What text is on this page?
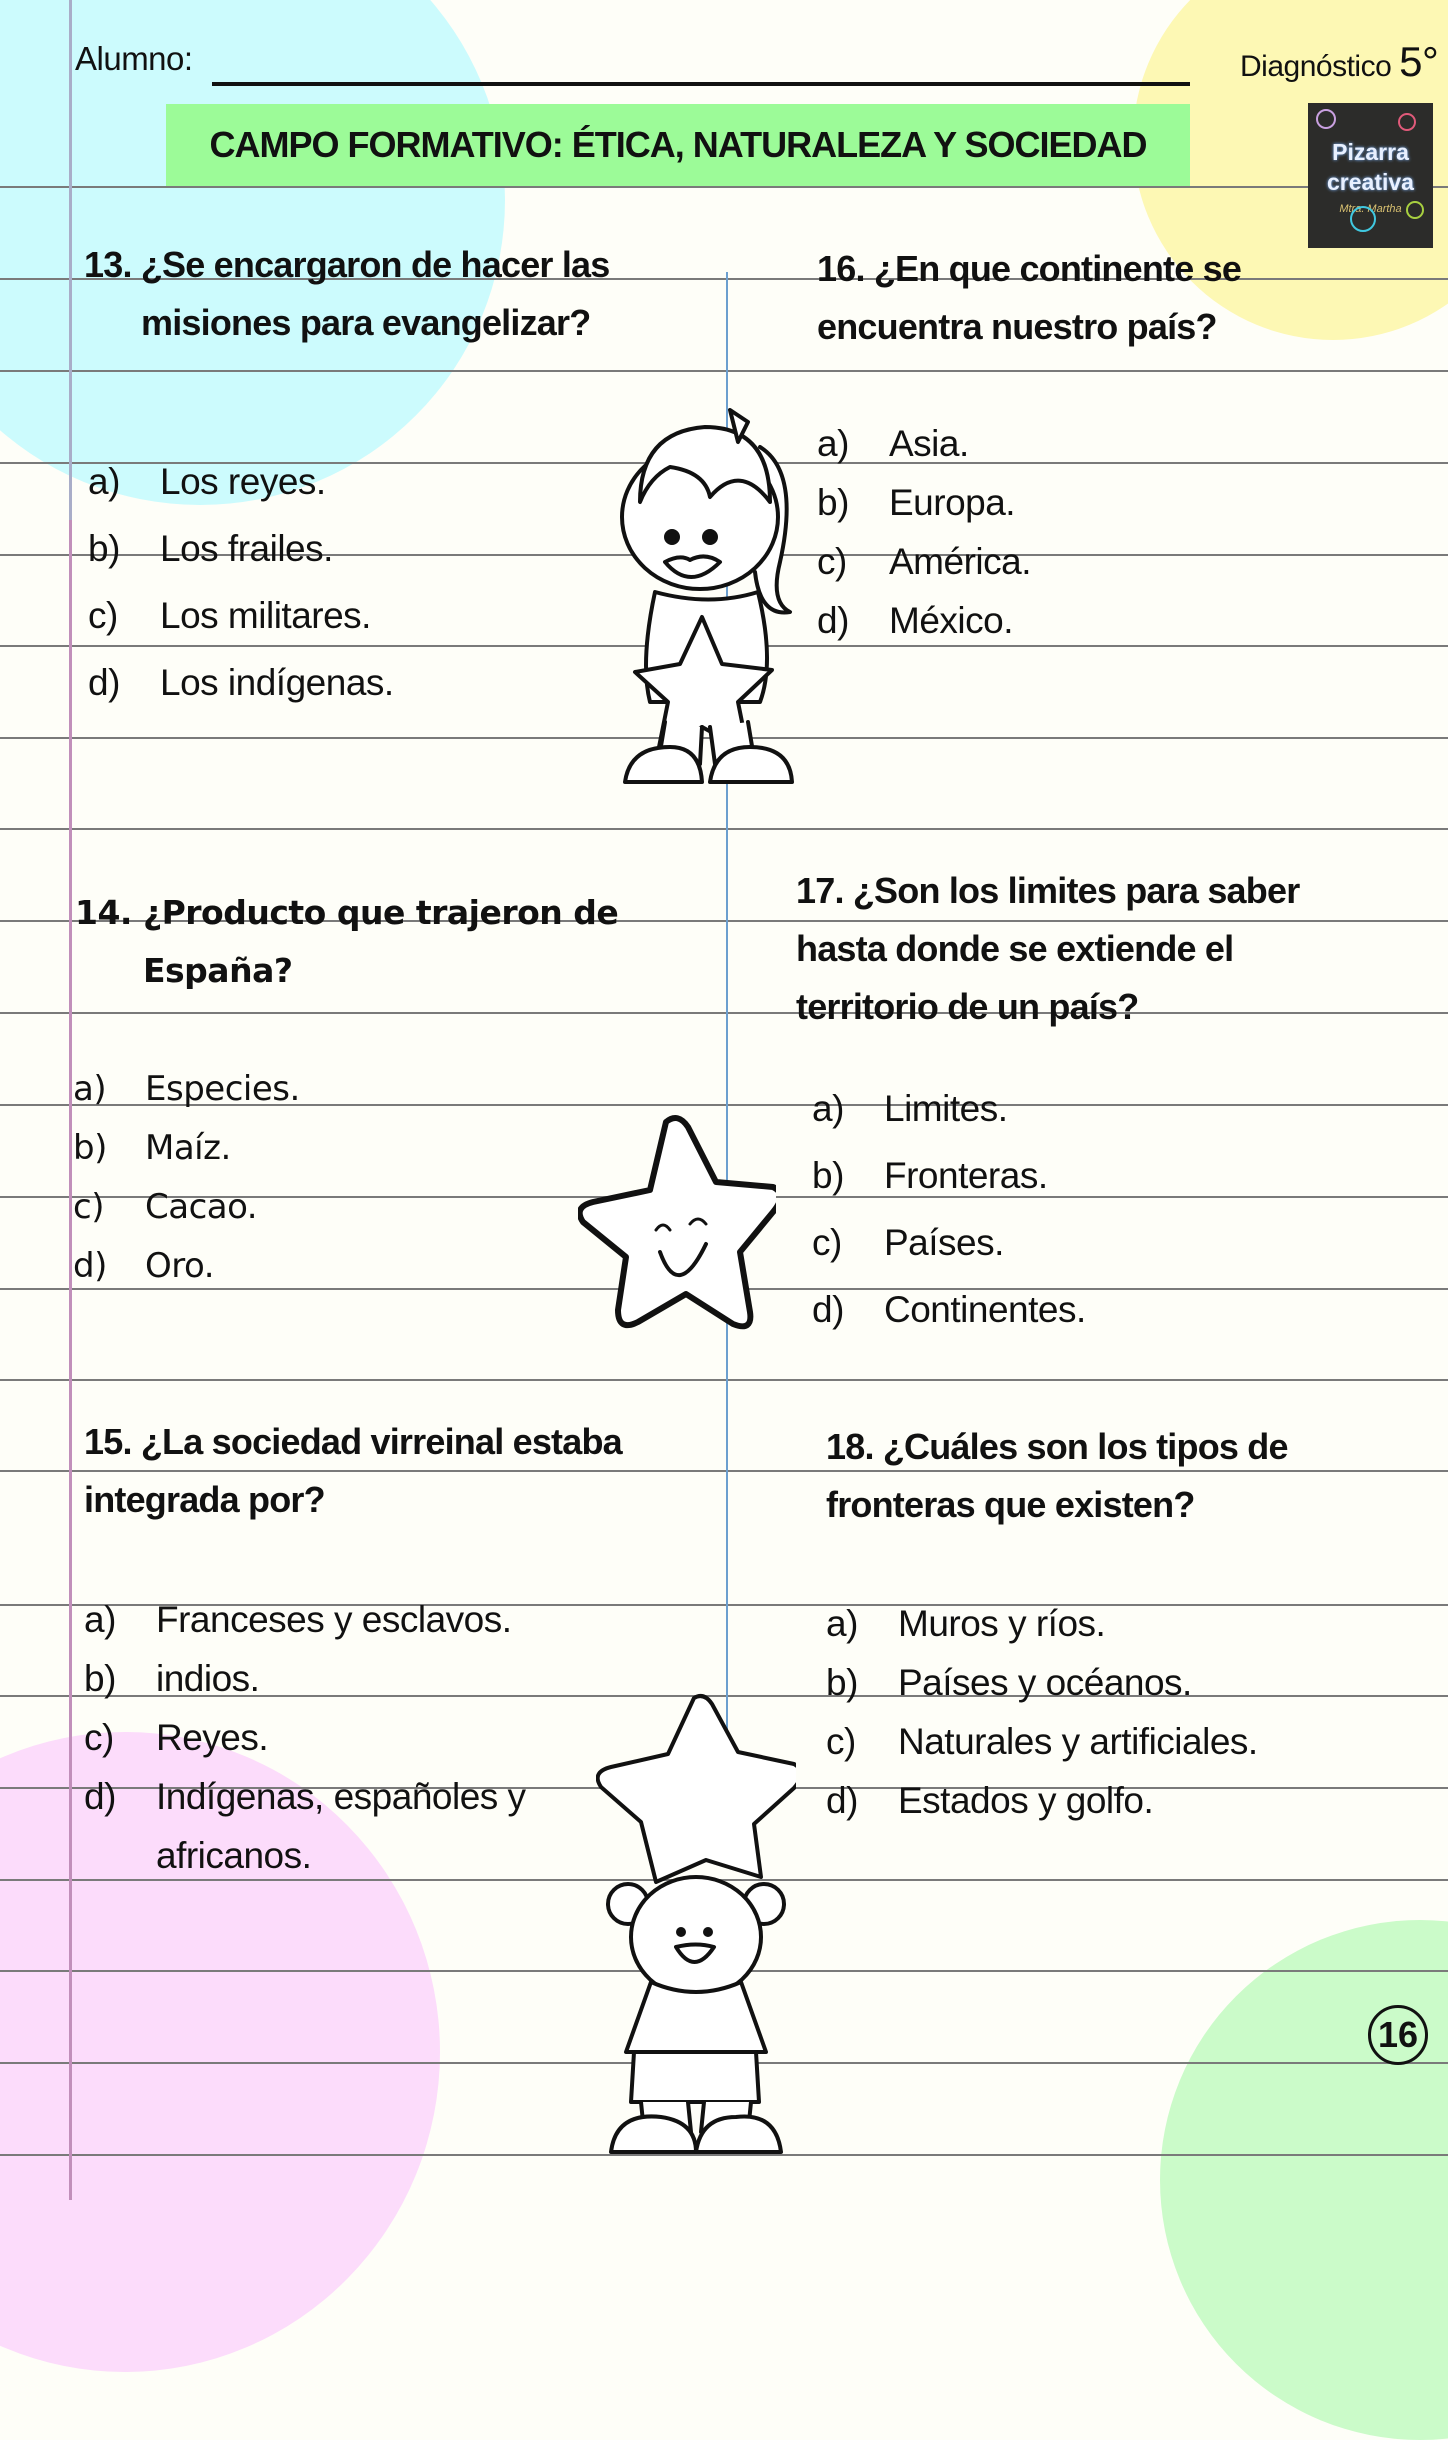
Alumno:	Diagnóstico 5°
CAMPO FORMATIVO: ÉTICA, NATURALEZA Y SOCIEDAD	Pizarra
creativa
Mtra. Martha
13. ¿Se encargaron de hacer las
misiones para evangelizar?
a)	Los reyes.
b)	Los frailes.
c)	Los militares.
d)	Los indígenas.
16. ¿En que continente se
encuentra nuestro país?
a)	Asia.
b)	Europa.
c)	América.
d)	México.
14. ¿Producto que trajeron de
España?
a)	Especies.
b)	Maíz.
c)	Cacao.
d)	Oro.
17. ¿Son los limites para saber
hasta donde se extiende el
territorio de un país?
a)	Limites.
b)	Fronteras.
c)	Países.
d)	Continentes.
15. ¿La sociedad virreinal estaba
integrada por?
a)	Franceses y esclavos.
b)	indios.
c)	Reyes.
d)	Indígenas, españoles y
africanos.
18. ¿Cuáles son los tipos de
fronteras que existen?
a)	Muros y ríos.
b)	Países y océanos.
c)	Naturales y artificiales.
d)	Estados y golfo.
16
